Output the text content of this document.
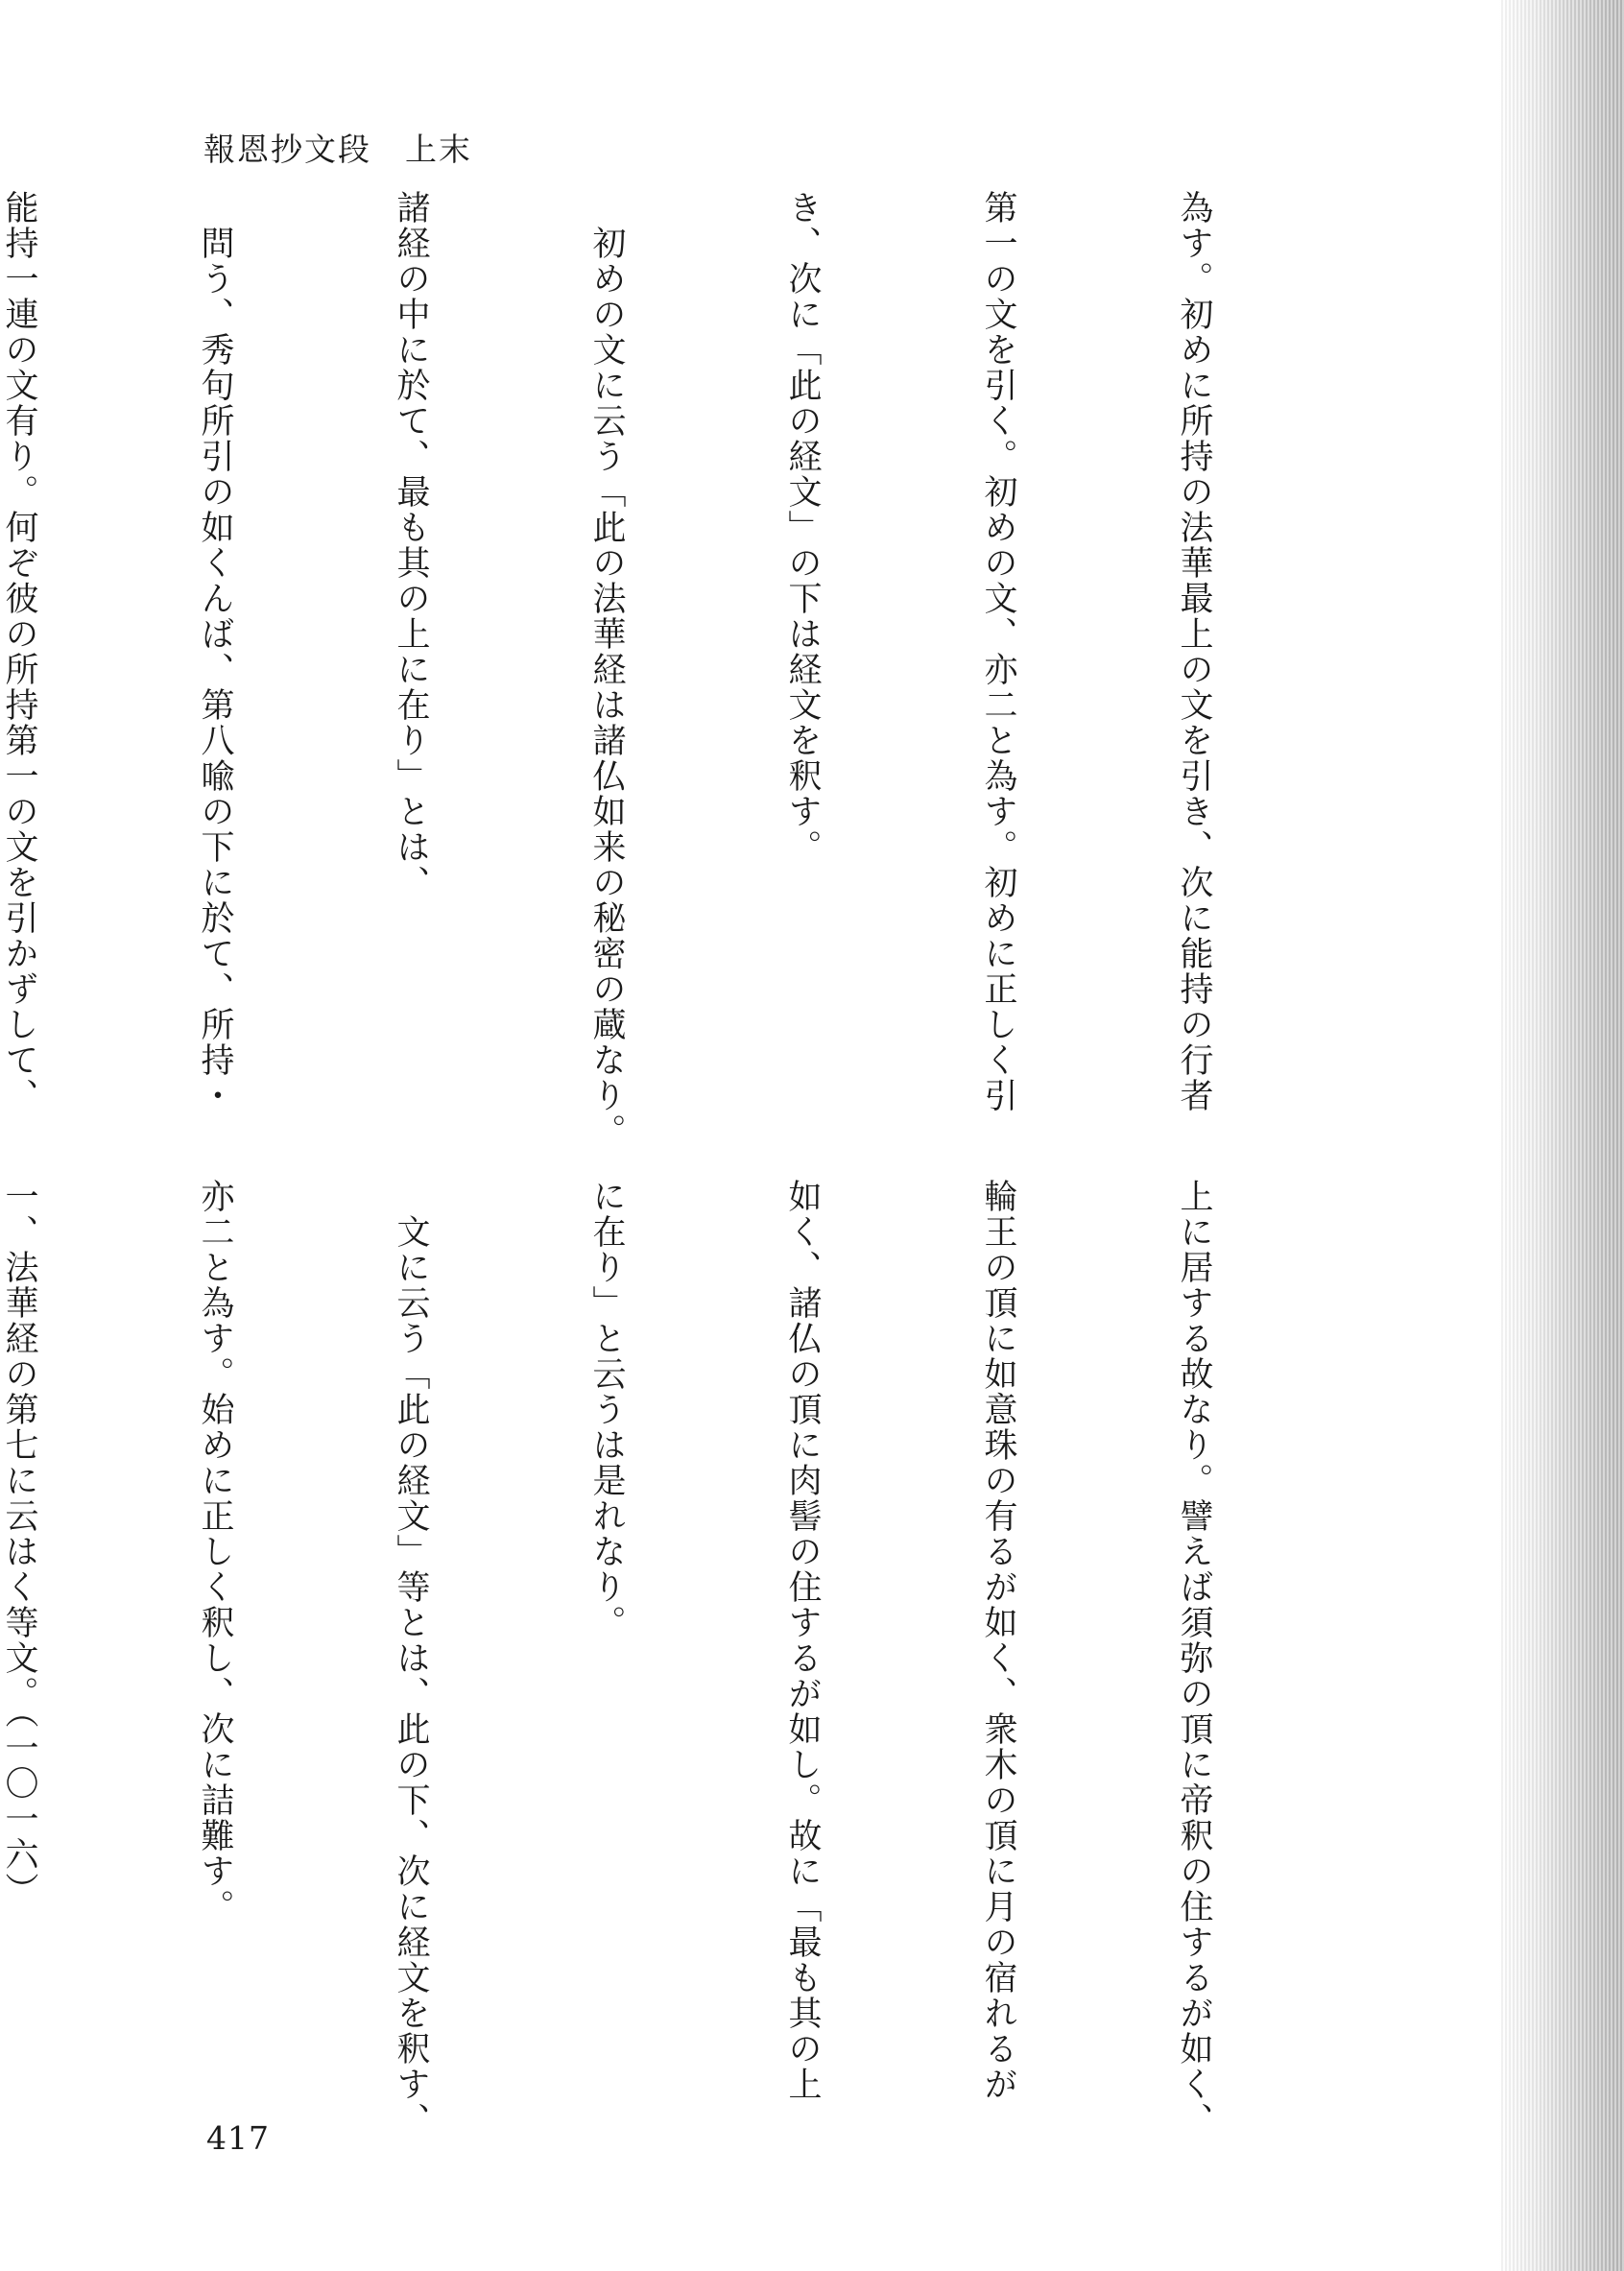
報恩抄文段　上末

為す。初めに所持の法華最上の文を引き、次に能持の行者

第一の文を引く。初めの文、亦二と為す。初めに正しく引

き、次に「此の経文」の下は経文を釈す。

　初めの文に云う「此の法華経は諸仏如来の秘密の蔵なり。

諸経の中に於て、最も其の上に在り」とは、

　問う、秀句所引の如くんば、第八喩の下に於て、所持・

能持一連の文有り。何ぞ彼の所持第一の文を引かずして、

上に居する故なり。譬えば須弥の頂に帝釈の住するが如く、

輪王の頂に如意珠の有るが如く、衆木の頂に月の宿れるが

如く、諸仏の頂に肉髻の住するが如し。故に「最も其の上

に在り」と云うは是れなり。

　文に云う「此の経文」等とは、此の下、次に経文を釈す、

亦二と為す。始めに正しく釈し、次に詰難す。

一、法華経の第七に云はく等文。（一〇一六）

417
